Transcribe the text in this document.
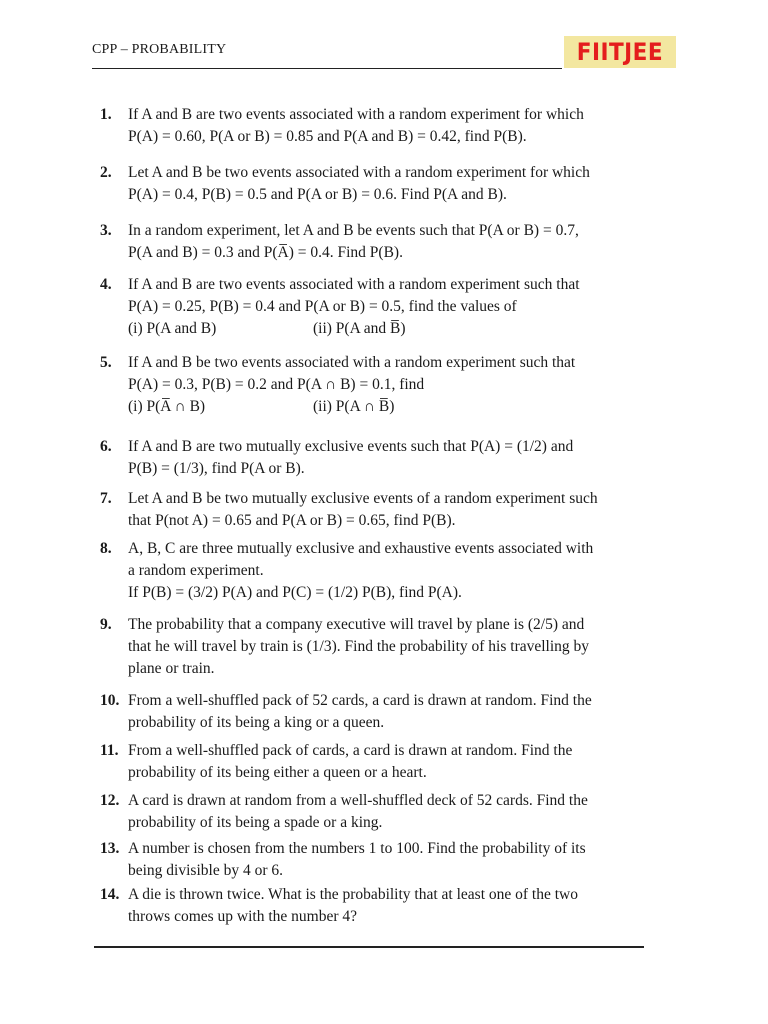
CPP – PROBABILITY	FIITJEE
1.	If A and B are two events associated with a random experiment for which
P(A) = 0.60, P(A or B) = 0.85 and P(A and B) = 0.42, find P(B).
2.	Let A and B be two events associated with a random experiment for which
P(A) = 0.4, P(B) = 0.5 and P(A or B) = 0.6. Find P(A and B).
3.	In a random experiment, let A and B be events such that P(A or B) = 0.7,
P(A and B) = 0.3 and P(A̅) = 0.4. Find P(B).
4.	If A and B are two events associated with a random experiment such that
P(A) = 0.25, P(B) = 0.4 and P(A or B) = 0.5, find the values of
(i) P(A and B)	(ii) P(A and B̅)
5.	If A and B be two events associated with a random experiment such that
P(A) = 0.3, P(B) = 0.2 and P(A ∩ B) = 0.1, find
(i) P(A̅ ∩ B)	(ii) P(A ∩ B̅)
6.	If A and B are two mutually exclusive events such that P(A) = (1/2) and
P(B) = (1/3), find P(A or B).
7.	Let A and B be two mutually exclusive events of a random experiment such
that P(not A) = 0.65 and P(A or B) = 0.65, find P(B).
8.	A, B, C are three mutually exclusive and exhaustive events associated with
a random experiment.
If P(B) = (3/2) P(A) and P(C) = (1/2) P(B), find P(A).
9.	The probability that a company executive will travel by plane is (2/5) and
that he will travel by train is (1/3). Find the probability of his travelling by
plane or train.
10. From a well-shuffled pack of 52 cards, a card is drawn at random. Find the
probability of its being a king or a queen.
11. From a well-shuffled pack of cards, a card is drawn at random. Find the
probability of its being either a queen or a heart.
12. A card is drawn at random from a well-shuffled deck of 52 cards. Find the
probability of its being a spade or a king.
13. A number is chosen from the numbers 1 to 100. Find the probability of its
being divisible by 4 or 6.
14. A die is thrown twice. What is the probability that at least one of the two
throws comes up with the number 4?
